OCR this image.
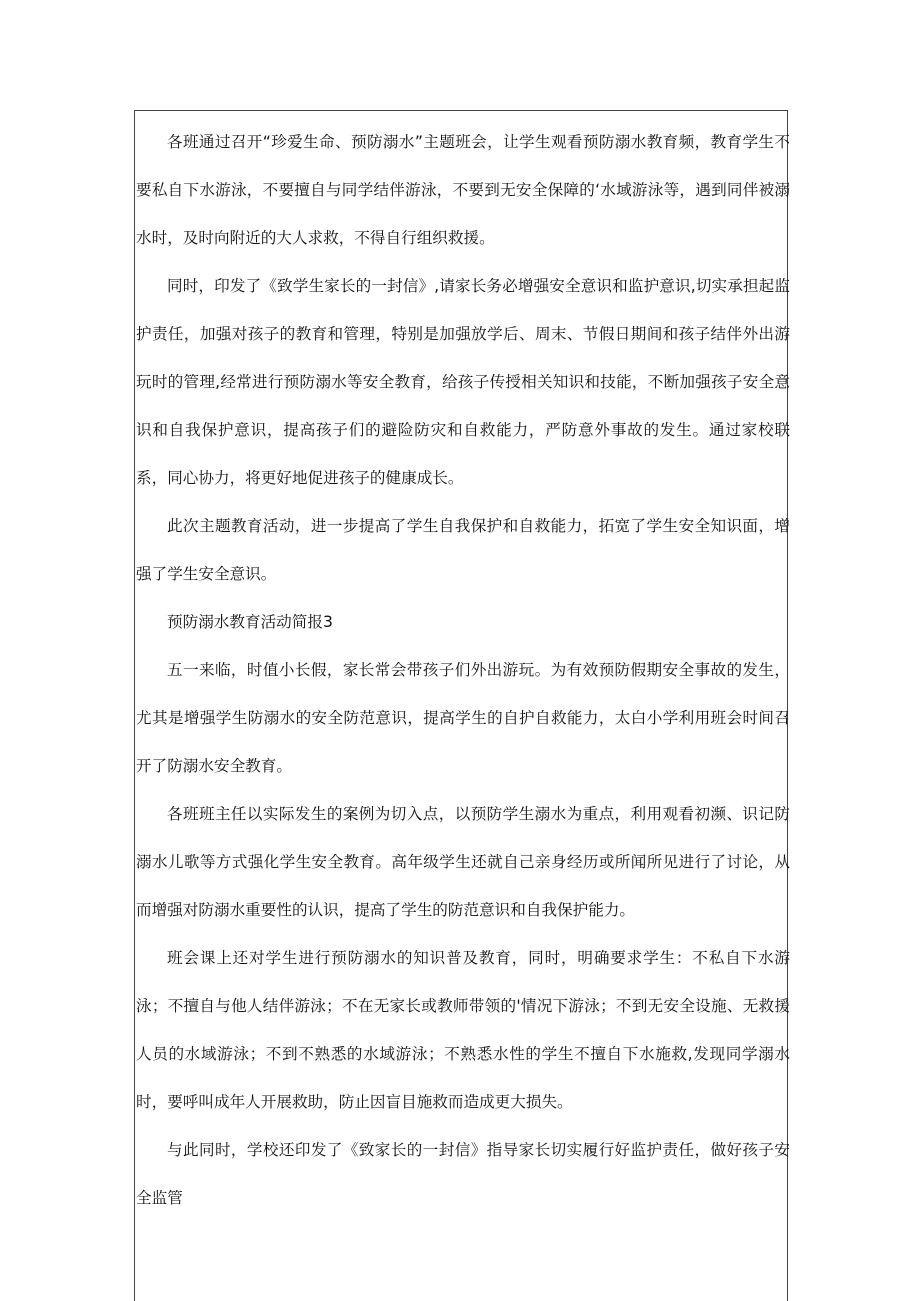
各班通过召开“珍爱生命、预防溺水”主题班会，让学生观看预防溺水教育频，教育学生不要私自下水游泳，不要擅自与同学结伴游泳，不要到无安全保障的‘水域游泳等，遇到同伴被溺水时，及时向附近的大人求救，不得自行组织救援。

同时，印发了《致学生家长的一封信》,请家长务必增强安全意识和监护意识,切实承担起监护责任，加强对孩子的教育和管理，特别是加强放学后、周末、节假日期间和孩子结伴外出游玩时的管理,经常进行预防溺水等安全教育，给孩子传授相关知识和技能，不断加强孩子安全意识和自我保护意识，提高孩子们的避险防灾和自救能力，严防意外事故的发生。通过家校联系，同心协力，将更好地促进孩子的健康成长。

此次主题教育活动，进一步提高了学生自我保护和自救能力，拓宽了学生安全知识面，增强了学生安全意识。

预防溺水教育活动简报3

五一来临，时值小长假，家长常会带孩子们外出游玩。为有效预防假期安全事故的发生，尤其是增强学生防溺水的安全防范意识，提高学生的自护自救能力，太白小学利用班会时间召开了防溺水安全教育。

各班班主任以实际发生的案例为切入点，以预防学生溺水为重点，利用观看初濒、识记防溺水儿歌等方式强化学生安全教育。高年级学生还就自己亲身经历或所闻所见进行了讨论，从而增强对防溺水重要性的认识，提高了学生的防范意识和自我保护能力。

班会课上还对学生进行预防溺水的知识普及教育，同时，明确要求学生：不私自下水游泳；不擅自与他人结伴游泳；不在无家长或教师带领的'情况下游泳；不到无安全设施、无救援人员的水域游泳；不到不熟悉的水域游泳；不熟悉水性的学生不擅自下水施救,发现同学溺水时，要呼叫成年人开展救助，防止因盲目施救而造成更大损失。

与此同时，学校还印发了《致家长的一封信》指导家长切实履行好监护责任，做好孩子安全监管
